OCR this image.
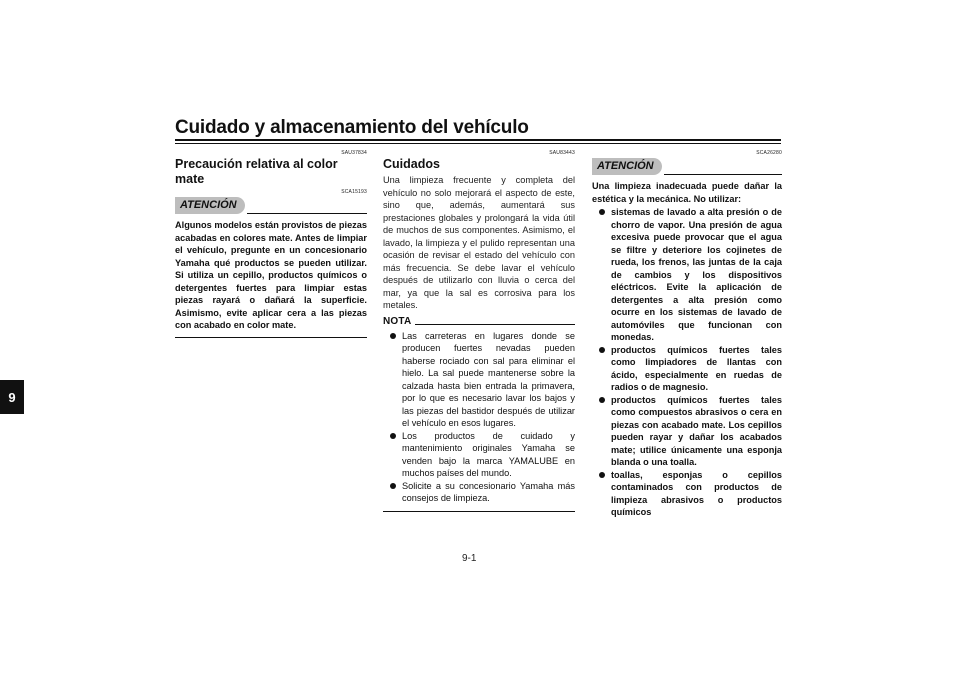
Cuidado y almacenamiento del vehículo
9
SAU37834
Precaución relativa al color mate
SCA15193
ATENCIÓN
Algunos modelos están provistos de piezas acabadas en colores mate. Antes de limpiar el vehículo, pregunte en un concesionario Yamaha qué productos se pueden utilizar. Si utiliza un cepillo, productos químicos o detergentes fuertes para limpiar estas piezas rayará o dañará la superficie. Asimismo, evite aplicar cera a las piezas con acabado en color mate.
SAU83443
Cuidados
Una limpieza frecuente y completa del vehículo no solo mejorará el aspecto de este, sino que, además, aumentará sus prestaciones globales y prolongará la vida útil de muchos de sus componentes. Asimismo, el lavado, la limpieza y el pulido representan una ocasión de revisar el estado del vehículo con más frecuencia. Se debe lavar el vehículo después de utilizarlo con lluvia o cerca del mar, ya que la sal es corrosiva para los metales.
NOTA
Las carreteras en lugares donde se producen fuertes nevadas pueden haberse rociado con sal para eliminar el hielo. La sal puede mantenerse sobre la calzada hasta bien entrada la primavera, por lo que es necesario lavar los bajos y las piezas del bastidor después de utilizar el vehículo en esos lugares.
Los productos de cuidado y mantenimiento originales Yamaha se venden bajo la marca YAMALUBE en muchos países del mundo.
Solicite a su concesionario Yamaha más consejos de limpieza.
SCA26280
ATENCIÓN
Una limpieza inadecuada puede dañar la estética y la mecánica. No utilizar:
sistemas de lavado a alta presión o de chorro de vapor. Una presión de agua excesiva puede provocar que el agua se filtre y deteriore los cojinetes de rueda, los frenos, las juntas de la caja de cambios y los dispositivos eléctricos. Evite la aplicación de detergentes a alta presión como ocurre en los sistemas de lavado de automóviles que funcionan con monedas.
productos químicos fuertes tales como limpiadores de llantas con ácido, especialmente en ruedas de radios o de magnesio.
productos químicos fuertes tales como compuestos abrasivos o cera en piezas con acabado mate. Los cepillos pueden rayar y dañar los acabados mate; utilice únicamente una esponja blanda o una toalla.
toallas, esponjas o cepillos contaminados con productos de limpieza abrasivos o productos químicos
9-1
